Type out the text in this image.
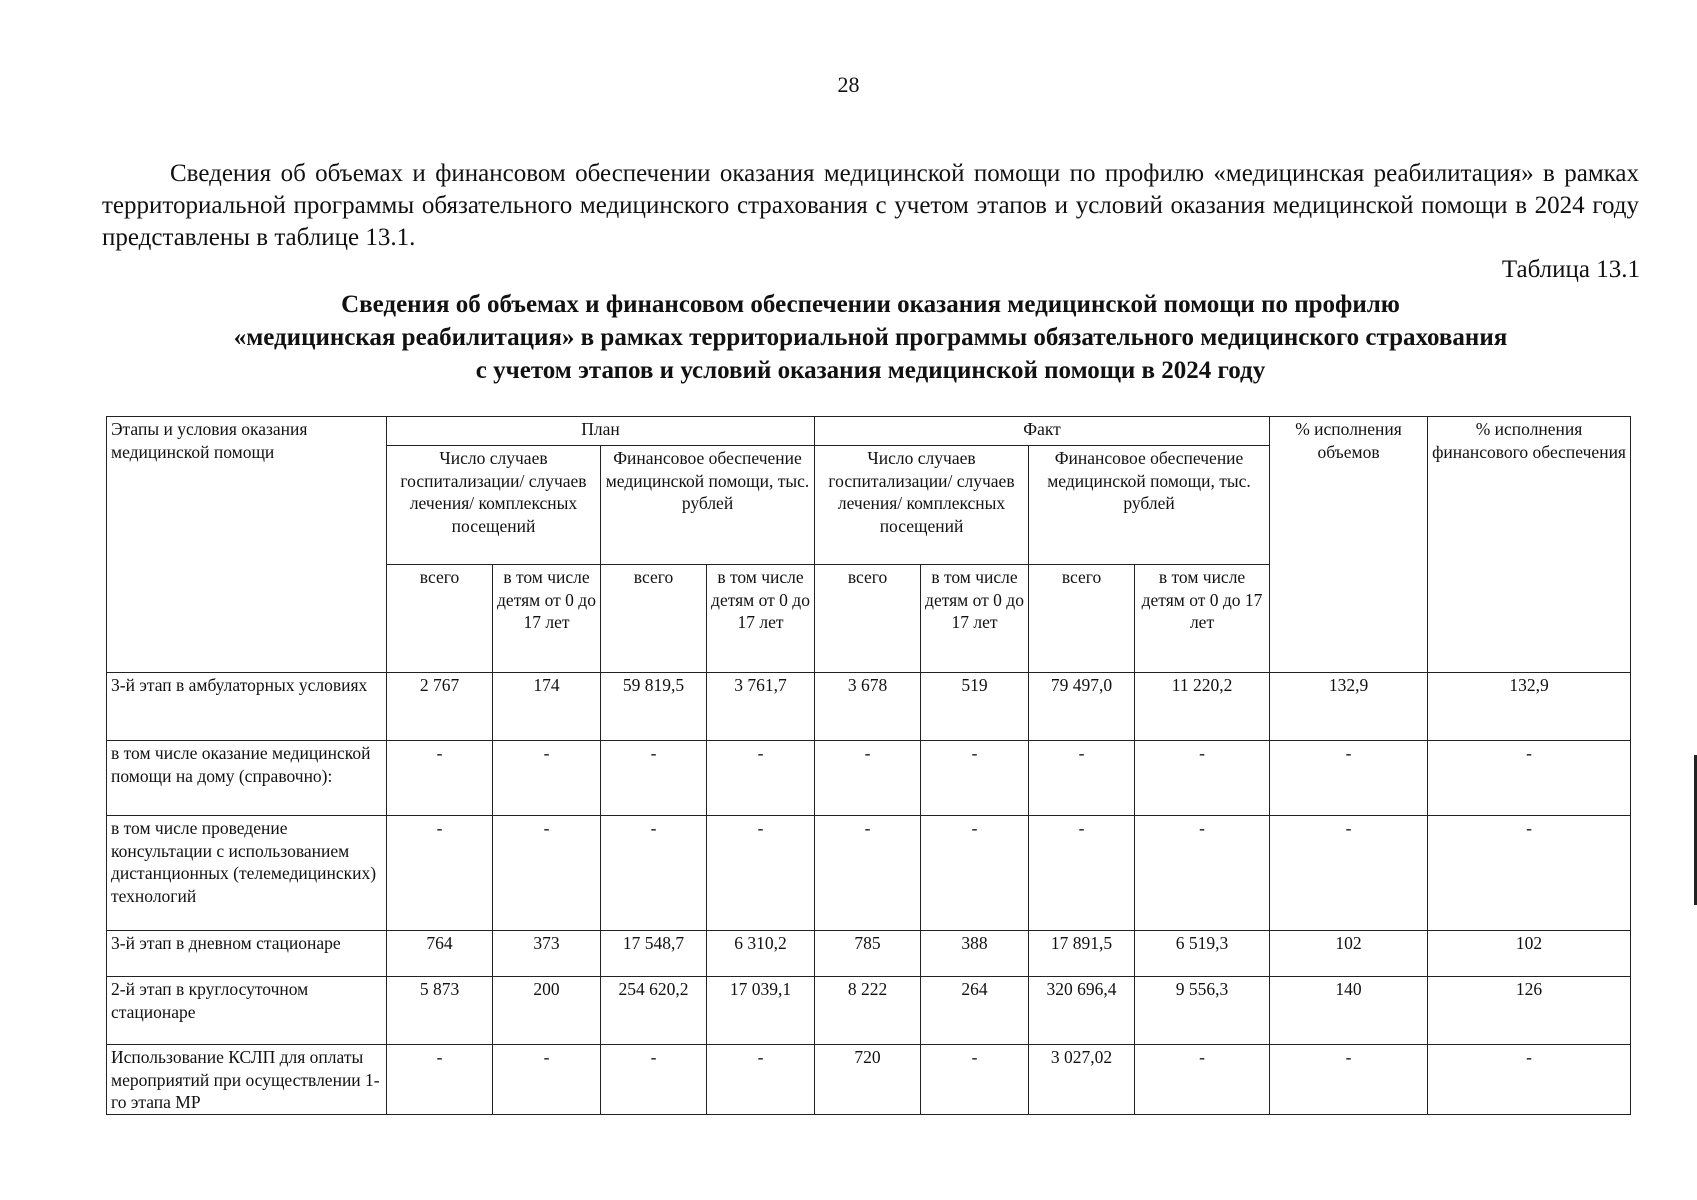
28

Сведения об объемах и финансовом обеспечении оказания медицинской помощи по профилю «медицинская реабилитация» в рамках территориальной программы обязательного медицинского страхования с учетом этапов и условий оказания медицинской помощи в 2024 году представлены в таблице 13.1.

Таблица 13.1
Сведения об объемах и финансовом обеспечении оказания медицинской помощи по профилю
«медицинская реабилитация» в рамках территориальной программы обязательного медицинского страхования
с учетом этапов и условий оказания медицинской помощи в 2024 году
Этапы и условия оказания медицинской помощи	План				Факт				% исполнения объемов	% исполнения финансового обеспечения
	Число случаев госпитализации/ случаев лечения/ комплексных посещений		Финансовое обеспечение медицинской помощи, тыс. рублей		Число случаев госпитализации/ случаев лечения/ комплексных посещений		Финансовое обеспечение медицинской помощи, тыс. рублей			
	всего	в том числе детям от 0 до 17 лет	всего	в том числе детям от 0 до 17 лет	всего	в том числе детям от 0 до 17 лет	всего	в том числе детям от 0 до 17 лет		
3-й этап в амбулаторных условиях	2 767	174	59 819,5	3 761,7	3 678	519	79 497,0	11 220,2	132,9	132,9
в том числе оказание медицинской помощи на дому (справочно):	-	-	-	-	-	-	-	-	-	-
в том числе проведение консультации с использованием дистанционных (телемедицинских) технологий	-	-	-	-	-	-	-	-	-	-
3-й этап в дневном стационаре	764	373	17 548,7	6 310,2	785	388	17 891,5	6 519,3	102	102
2-й этап в круглосуточном стационаре	5 873	200	254 620,2	17 039,1	8 222	264	320 696,4	9 556,3	140	126
Использование КСЛП для оплаты мероприятий при осуществлении 1-го этапа МР	-	-	-	-	720	-	3 027,02	-	-	-
